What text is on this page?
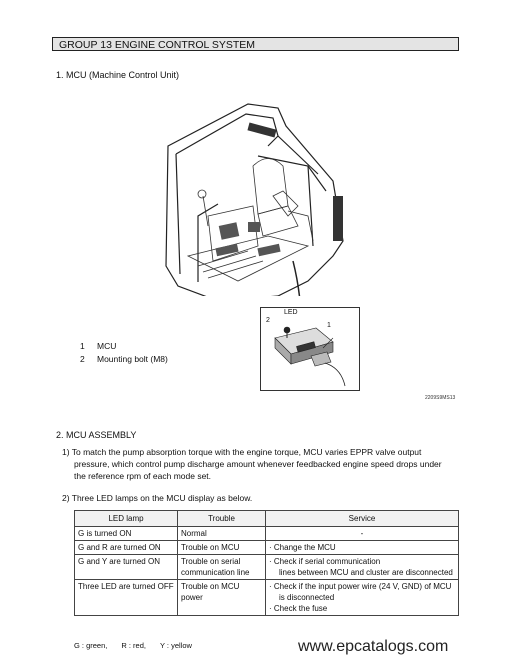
GROUP 13 ENGINE CONTROL SYSTEM
1. MCU (Machine Control Unit)
LED
2
1
1 MCU
2 Mounting bolt (M8)
2209S9MS13
2. MCU ASSEMBLY
1) To match the pump absorption torque with the engine torque, MCU varies EPPR valve output
pressure, which control pump discharge amount whenever feedbacked engine speed drops under
the reference rpm of each mode set.
2) Three LED lamps on the MCU display as below.
LED lamp	Trouble	Service
G is turned ON	Normal	-
G and R are turned ON	Trouble on MCU	· Change the MCU

G and Y are turned ON	Trouble on serial
communication line	· Check if serial communication
lines between MCU and cluster are disconnected

Three LED are turned OFF	Trouble on MCU power	· Check if the input power wire (24 V, GND) of MCU
is disconnected
· Check the fuse
G : green, R : red, Y : yellow	www.epcatalogs.com
